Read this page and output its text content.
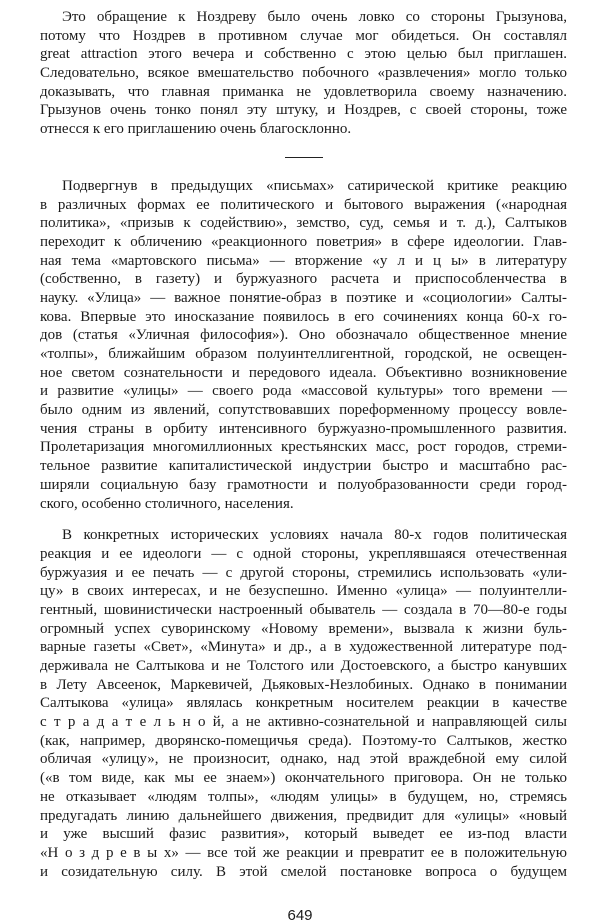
Это обращение к Ноздреву было очень ловко со стороны Грызунова,
потому что Ноздрев в противном случае мог обидеться. Он составлял
great attraction этого вечера и собственно с этою целью был приглашен.
Следовательно, всякое вмешательство побочного «развлечения» могло только
доказывать, что главная приманка не удовлетворила своему назначению.
Грызунов очень тонко понял эту штуку, и Ноздрев, с своей стороны, тоже
отнесся к его приглашению очень благосклонно.
Подвергнув в предыдущих «письмах» сатирической критике реакцию
в различных формах ее политического и бытового выражения («народная
политика», «призыв к содействию», земство, суд, семья и т. д.), Салтыков
переходит к обличению «реакционного поветрия» в сфере идеологии. Глав-
ная тема «мартовского письма» — вторжение «у л и ц ы» в литературу
(собственно, в газету) и буржуазного расчета и приспособленчества в
науку. «Улица» — важное понятие-образ в поэтике и «социологии» Салты-
кова. Впервые это иносказание появилось в его сочинениях конца 60-х го-
дов (статья «Уличная философия»). Оно обозначало общественное мнение
«толпы», ближайшим образом полуинтеллигентной, городской, не освещен-
ное светом сознательности и передового идеала. Объективно возникновение
и развитие «улицы» — своего рода «массовой культуры» того времени —
было одним из явлений, сопутствовавших пореформенному процессу вовле-
чения страны в орбиту интенсивного буржуазно-промышленного развития.
Пролетаризация многомиллионных крестьянских масс, рост городов, стреми-
тельное развитие капиталистической индустрии быстро и масштабно рас-
ширяли социальную базу грамотности и полуобразованности среди город-
ского, особенно столичного, населения.
В конкретных исторических условиях начала 80-х годов политическая
реакция и ее идеологи — с одной стороны, укреплявшаяся отечественная
буржуазия и ее печать — с другой стороны, стремились использовать «ули-
цу» в своих интересах, и не безуспешно. Именно «улица» — полуинтелли-
гентный, шовинистически настроенный обыватель — создала в 70—80-е годы
огромный успех суворинскому «Новому времени», вызвала к жизни буль-
варные газеты «Свет», «Минута» и др., а в художественной литературе под-
держивала не Салтыкова и не Толстого или Достоевского, а быстро канувших
в Лету Авсеенок, Маркевичей, Дьяковых-Незлобиных. Однако в понимании
Салтыкова «улица» являлась конкретным носителем реакции в качестве
с т р а д а т е л ь н о й, а не активно-сознательной и направляющей силы
(как, например, дворянско-помещичья среда). Поэтому-то Салтыков, жестко
обличая «улицу», не произносит, однако, над этой враждебной ему силой
(«в том виде, как мы ее знаем») окончательного приговора. Он не только
не отказывает «людям толпы», «людям улицы» в будущем, но, стремясь
предугадать линию дальнейшего движения, предвидит для «улицы» «новый
и уже высший фазис развития», который выведет ее из-под власти
«Н о з д р е в ы х» — все той же реакции и превратит ее в положительную
и созидательную силу. В этой смелой постановке вопроса о будущем
649
